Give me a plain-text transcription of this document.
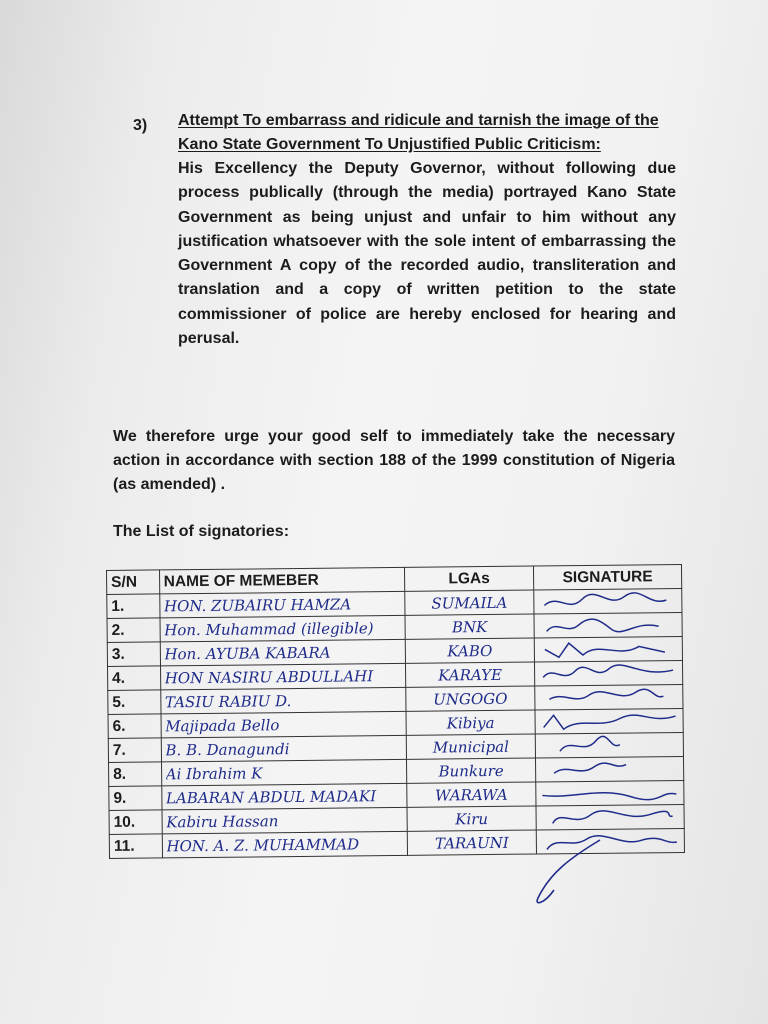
3) Attempt To embarrass and ridicule and tarnish the image of the Kano State Government To Unjustified Public Criticism:

His Excellency the Deputy Governor, without following due process publically (through the media) portrayed Kano State Government as being unjust and unfair to him without any justification whatsoever with the sole intent of embarrassing the Government A copy of the recorded audio, transliteration and translation and a copy of written petition to the state commissioner of police are hereby enclosed for hearing and perusal.

We therefore urge your good self to immediately take the necessary action in accordance with section 188 of the 1999 constitution of Nigeria (as amended) .

The List of signatories:

S/N	NAME OF MEMEBER	LGAs	SIGNATURE
1.	HON. ZUBAIRU HAMZA	SUMAILA

2.	Hon. Muhammad (illegible)	BNK

3.	Hon. AYUBA KABARA	KABO

4.	HON NASIRU ABDULLAHI	KARAYE

5.	TASIU RABIU D.	UNGOGO

6.	Majipada Bello	Kibiya

7.	B. B. Danagundi	Municipal

8.	Ai Ibrahim K	Bunkure

9.	LABARAN ABDUL MADAKI	WARAWA

10.	Kabiru Hassan	Kiru

11.	HON. A. Z. MUHAMMAD	TARAUNI
